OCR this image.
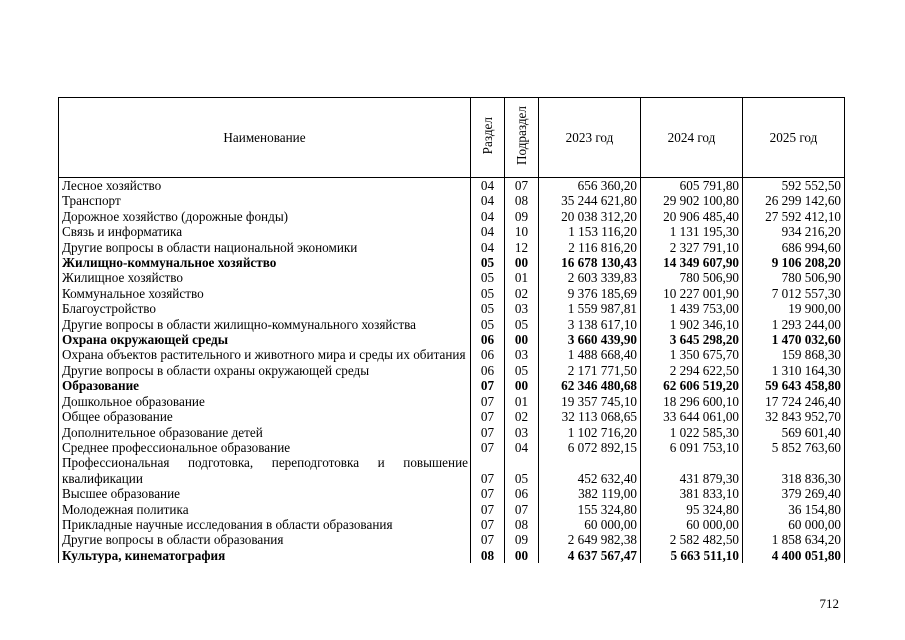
Наименование	Раздел	Подраздел	2023 год	2024 год	2025 год
Лесное хозяйство	04	07	656 360,20	605 791,80	592 552,50
Транспорт	04	08	35 244 621,80	29 902 100,80	26 299 142,60
Дорожное хозяйство (дорожные фонды)	04	09	20 038 312,20	20 906 485,40	27 592 412,10
Связь и информатика	04	10	1 153 116,20	1 131 195,30	934 216,20
Другие вопросы в области национальной экономики	04	12	2 116 816,20	2 327 791,10	686 994,60
Жилищно-коммунальное хозяйство	05	00	16 678 130,43	14 349 607,90	9 106 208,20
Жилищное хозяйство	05	01	2 603 339,83	780 506,90	780 506,90
Коммунальное хозяйство	05	02	9 376 185,69	10 227 001,90	7 012 557,30
Благоустройство	05	03	1 559 987,81	1 439 753,00	19 900,00
Другие вопросы в области жилищно-коммунального хозяйства	05	05	3 138 617,10	1 902 346,10	1 293 244,00
Охрана окружающей среды	06	00	3 660 439,90	3 645 298,20	1 470 032,60
Охрана объектов растительного и животного мира и среды их обитания	06	03	1 488 668,40	1 350 675,70	159 868,30
Другие вопросы в области охраны окружающей среды	06	05	2 171 771,50	2 294 622,50	1 310 164,30
Образование	07	00	62 346 480,68	62 606 519,20	59 643 458,80
Дошкольное образование	07	01	19 357 745,10	18 296 600,10	17 724 246,40
Общее образование	07	02	32 113 068,65	33 644 061,00	32 843 952,70
Дополнительное образование детей	07	03	1 102 716,20	1 022 585,30	569 601,40
Среднее профессиональное образование	07	04	6 072 892,15	6 091 753,10	5 852 763,60
Профессиональная подготовка, переподготовка и повышение квалификации	07	05	452 632,40	431 879,30	318 836,30
Высшее образование	07	06	382 119,00	381 833,10	379 269,40
Молодежная политика	07	07	155 324,80	95 324,80	36 154,80
Прикладные научные исследования в области образования	07	08	60 000,00	60 000,00	60 000,00
Другие вопросы в области образования	07	09	2 649 982,38	2 582 482,50	1 858 634,20
Культура, кинематография	08	00	4 637 567,47	5 663 511,10	4 400 051,80
712
